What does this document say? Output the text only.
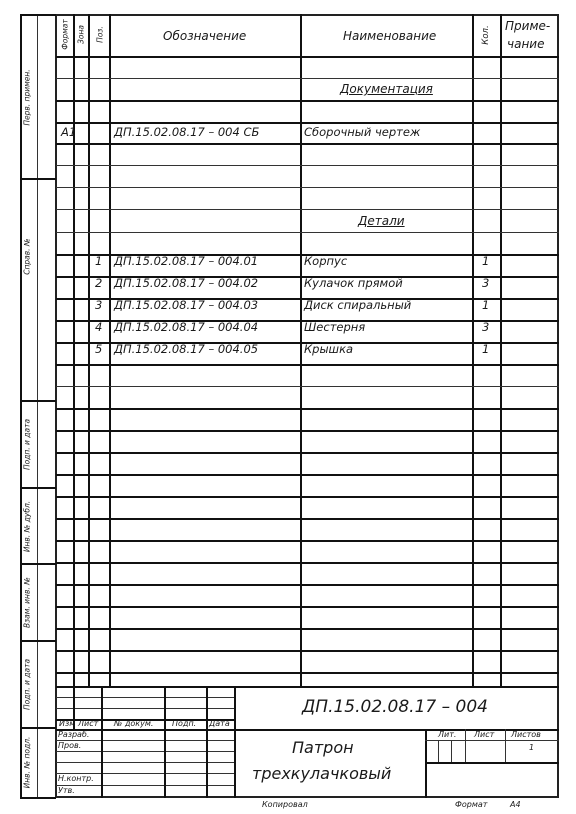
Перв. примен.
Справ. №
Подп. и дата
Инв. № дубл.
Взам. инв. №
Подп. и дата
Инв. № подл.
Формат Зона Поз.	Обозначение	Наименование	Кол. Приме-
чание
Документация
Детали
А1	ДП.15.02.08.17 – 004 СБ	Сборочный чертеж
1 ДП.15.02.08.17 – 004.01	Корпус	1
2 ДП.15.02.08.17 – 004.02	Кулачок прямой	3
3 ДП.15.02.08.17 – 004.03	Диск спиральный	1
4 ДП.15.02.08.17 – 004.04	Шестерня	3
5 ДП.15.02.08.17 – 004.05	Крышка	1
Изм Лист № докум. Подп. Дата
Разраб.
Пров.
Н.контр.
Утв.
ДП.15.02.08.17 – 004
Патрон
трехкулачковый
Лит. Лист Листов
1
Копировал	Формат	А4
